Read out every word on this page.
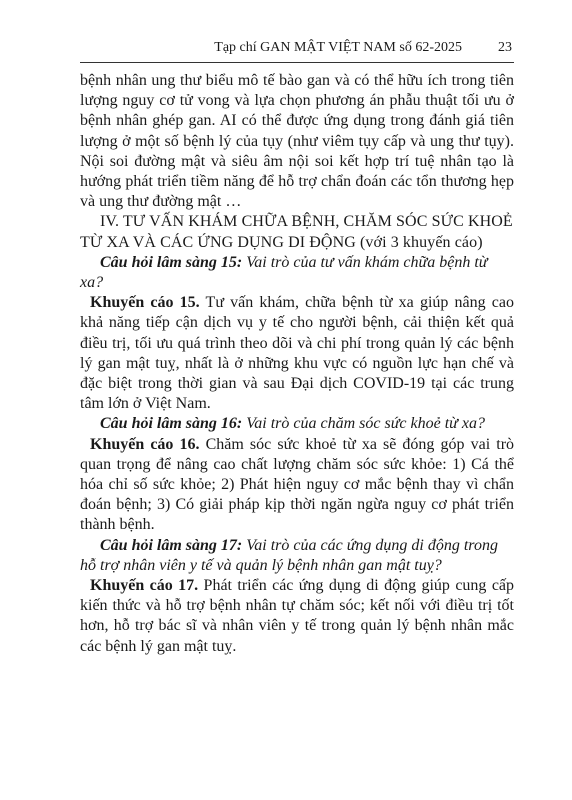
Tạp chí GAN MẬT VIỆT NAM số 62-2025	23

bệnh nhân ung thư biểu mô tế bào gan và có thể hữu ích trong tiên lượng nguy cơ tử vong và lựa chọn phương án phẫu thuật tối ưu ở bệnh nhân ghép gan. AI có thể được ứng dụng trong đánh giá tiên lượng ở một số bệnh lý của tụy (như viêm tụy cấp và ung thư tụy). Nội soi đường mật và siêu âm nội soi kết hợp trí tuệ nhân tạo là hướng phát triển tiềm năng để hỗ trợ chẩn đoán các tổn thương hẹp và ung thư đường mật …

IV. TƯ VẤN KHÁM CHỮA BỆNH, CHĂM SÓC SỨC KHOẺ TỪ XA VÀ CÁC ỨNG DỤNG DI ĐỘNG (với 3 khuyến cáo)

Câu hỏi lâm sàng 15: Vai trò của tư vấn khám chữa bệnh từ xa?

Khuyến cáo 15. Tư vấn khám, chữa bệnh từ xa giúp nâng cao khả năng tiếp cận dịch vụ y tế cho người bệnh, cải thiện kết quả điều trị, tối ưu quá trình theo dõi và chi phí trong quản lý các bệnh lý gan mật tuỵ, nhất là ở những khu vực có nguồn lực hạn chế và đặc biệt trong thời gian và sau Đại dịch COVID-19 tại các trung tâm lớn ở Việt Nam.

Câu hỏi lâm sàng 16: Vai trò của chăm sóc sức khoẻ từ xa?

Khuyến cáo 16. Chăm sóc sức khoẻ từ xa sẽ đóng góp vai trò quan trọng để nâng cao chất lượng chăm sóc sức khỏe: 1) Cá thể hóa chỉ số sức khỏe; 2) Phát hiện nguy cơ mắc bệnh thay vì chẩn đoán bệnh; 3) Có giải pháp kịp thời ngăn ngừa nguy cơ phát triển thành bệnh.

Câu hỏi lâm sàng 17: Vai trò của các ứng dụng di động trong hỗ trợ nhân viên y tế và quản lý bệnh nhân gan mật tuỵ?

Khuyến cáo 17. Phát triển các ứng dụng di động giúp cung cấp kiến thức và hỗ trợ bệnh nhân tự chăm sóc; kết nối với điều trị tốt hơn, hỗ trợ bác sĩ và nhân viên y tế trong quản lý bệnh nhân mắc các bệnh lý gan mật tuỵ.
